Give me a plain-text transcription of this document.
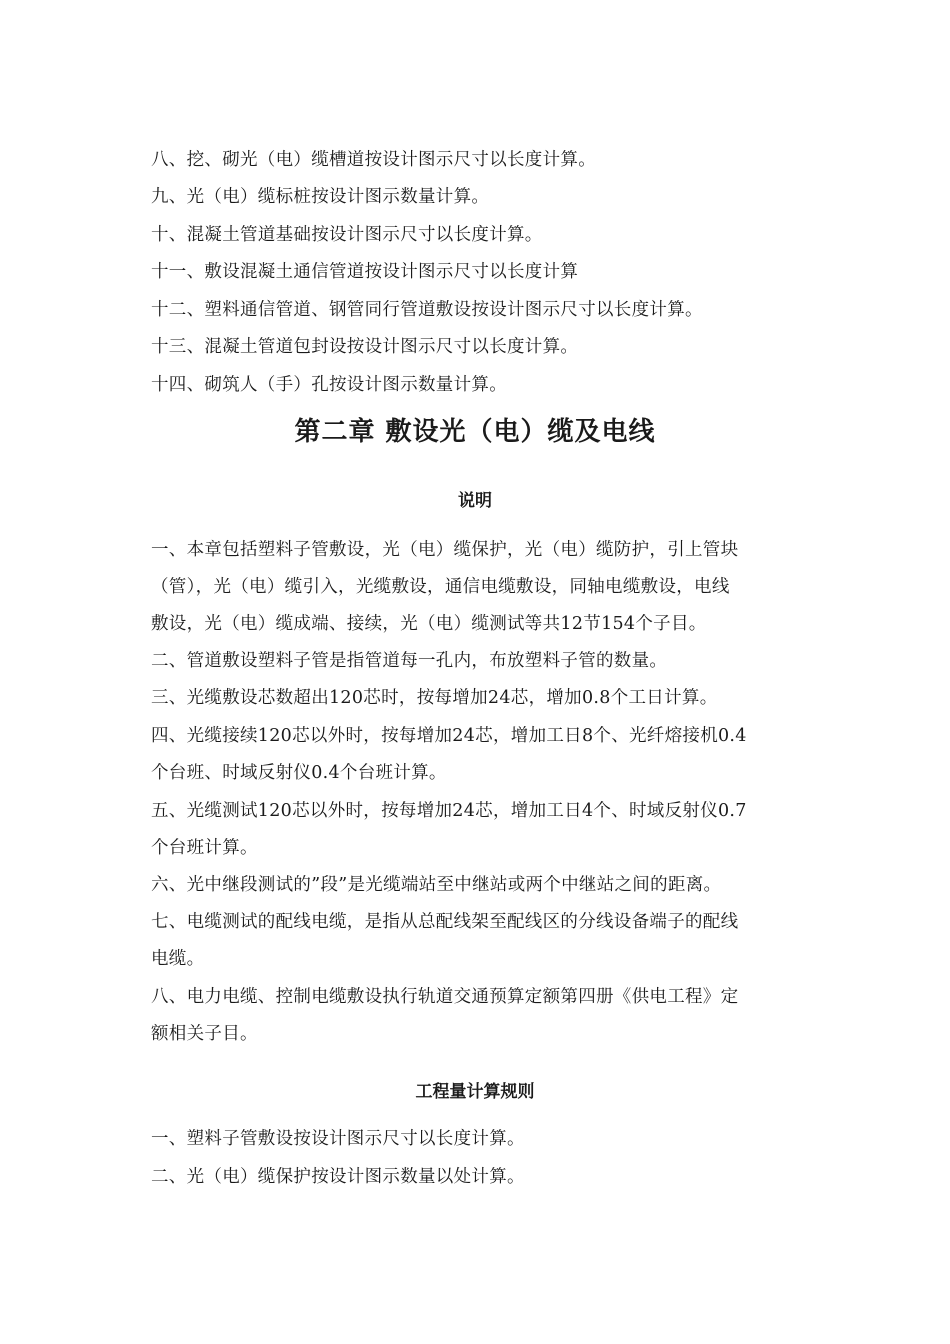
八、挖、砌光（电）缆槽道按设计图示尺寸以长度计算。
九、光（电）缆标桩按设计图示数量计算。
十、混凝土管道基础按设计图示尺寸以长度计算。
十一、敷设混凝土通信管道按设计图示尺寸以长度计算
十二、塑料通信管道、钢管同行管道敷设按设计图示尺寸以长度计算。
十三、混凝土管道包封设按设计图示尺寸以长度计算。
十四、砌筑人（手）孔按设计图示数量计算。
第二章 敷设光（电）缆及电线
说明
一、本章包括塑料子管敷设，光（电）缆保护，光（电）缆防护，引上管块
（管），光（电）缆引入，光缆敷设，通信电缆敷设，同轴电缆敷设，电线
敷设，光（电）缆成端、接续，光（电）缆测试等共12节154个子目。
二、管道敷设塑料子管是指管道每一孔内，布放塑料子管的数量。
三、光缆敷设芯数超出120芯时，按每增加24芯，增加0.8个工日计算。
四、光缆接续120芯以外时，按每增加24芯，增加工日8个、光纤熔接机0.4
个台班、时域反射仪0.4个台班计算。
五、光缆测试120芯以外时，按每增加24芯，增加工日4个、时域反射仪0.7
个台班计算。
六、光中继段测试的”段”是光缆端站至中继站或两个中继站之间的距离。
七、电缆测试的配线电缆，是指从总配线架至配线区的分线设备端子的配线
电缆。
八、电力电缆、控制电缆敷设执行轨道交通预算定额第四册《供电工程》定
额相关子目。
工程量计算规则
一、塑料子管敷设按设计图示尺寸以长度计算。
二、光（电）缆保护按设计图示数量以处计算。
